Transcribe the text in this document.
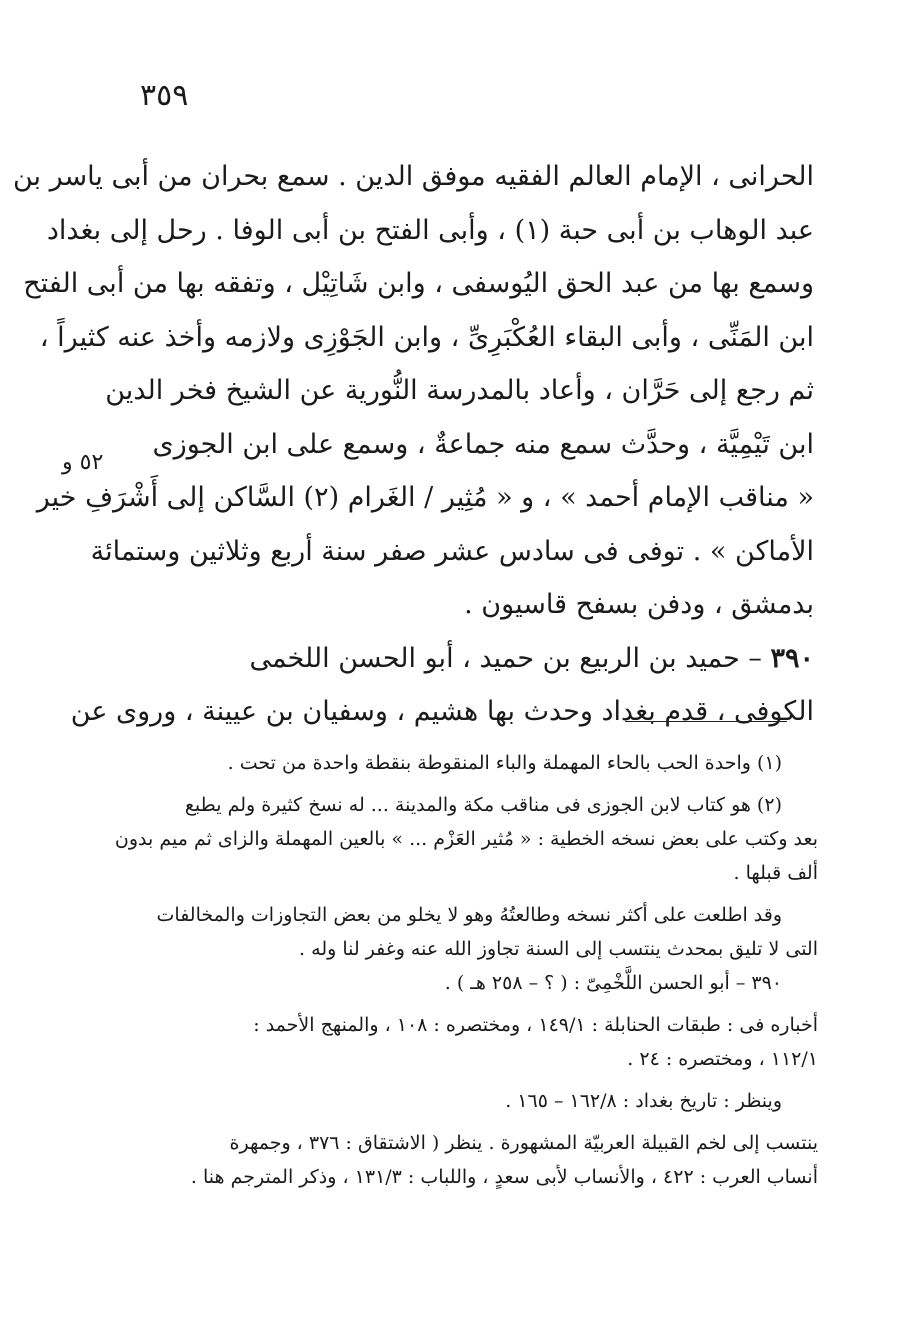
٣٥٩
الحرانى ، الإمام العالم الفقيه موفق الدين . سمع بحران من أبى ياسر بن
عبد الوهاب بن أبى حبة (١) ، وأبى الفتح بن أبى الوفا . رحل إلى بغداد
وسمع بها من عبد الحق اليُوسفى ، وابن شَاتِيْل ، وتفقه بها من أبى الفتح
ابن المَنِّى ، وأبى البقاء العُكْبَرِىِّ ، وابن الجَوْزِى ولازمه وأخذ عنه كثيراً ،
ثم رجع إلى حَرَّان ، وأعاد بالمدرسة النُّورية عن الشيخ فخر الدين
ابن تَيْمِيَّة ، وحدَّث سمع منه جماعةٌ ، وسمع على ابن الجوزى
« مناقب الإمام أحمد » ، و « مُثِير / الغَرام (٢) السَّاكن إلى أَشْرَفِ خير
الأماكن » . توفى فى سادس عشر صفر سنة أربع وثلاثين وستمائة
بدمشق ، ودفن بسفح قاسيون .
٣٩٠ – حميد بن الربيع بن حميد ، أبو الحسن اللخمى
الكوفى ، قدم بغداد وحدث بها هشيم ، وسفيان بن عيينة ، وروى عن
٥٢ و
(١) واحدة الحب بالحاء المهملة والباء المنقوطة بنقطة واحدة من تحت .
(٢) هو كتاب لابن الجوزى فى مناقب مكة والمدينة ... له نسخ كثيرة ولم يطبع
بعد وكتب على بعض نسخه الخطية : « مُثير العَزْم ... » بالعين المهملة والزاى ثم ميم بدون
ألف قبلها .
وقد اطلعت على أكثر نسخه وطالعتُهُ وهو لا يخلو من بعض التجاوزات والمخالفات
التى لا تليق بمحدث ينتسب إلى السنة تجاوز الله عنه وغفر لنا وله .
٣٩٠ – أبو الحسن اللَّخْمِىّ : ( ؟ – ٢٥٨ هـ ) .
أخباره فى : طبقات الحنابلة : ١٤٩/١ ، ومختصره : ١٠٨ ، والمنهج الأحمد :
١١٢/١ ، ومختصره : ٢٤ .
وينظر : تاريخ بغداد : ١٦٢/٨ – ١٦٥ .
ينتسب إلى لخم القبيلة العربيّة المشهورة . ينظر ( الاشتقاق : ٣٧٦ ، وجمهرة
أنساب العرب : ٤٢٢ ، والأنساب لأبى سعدٍ ، واللباب : ١٣١/٣ ، وذكر المترجم هنا .
